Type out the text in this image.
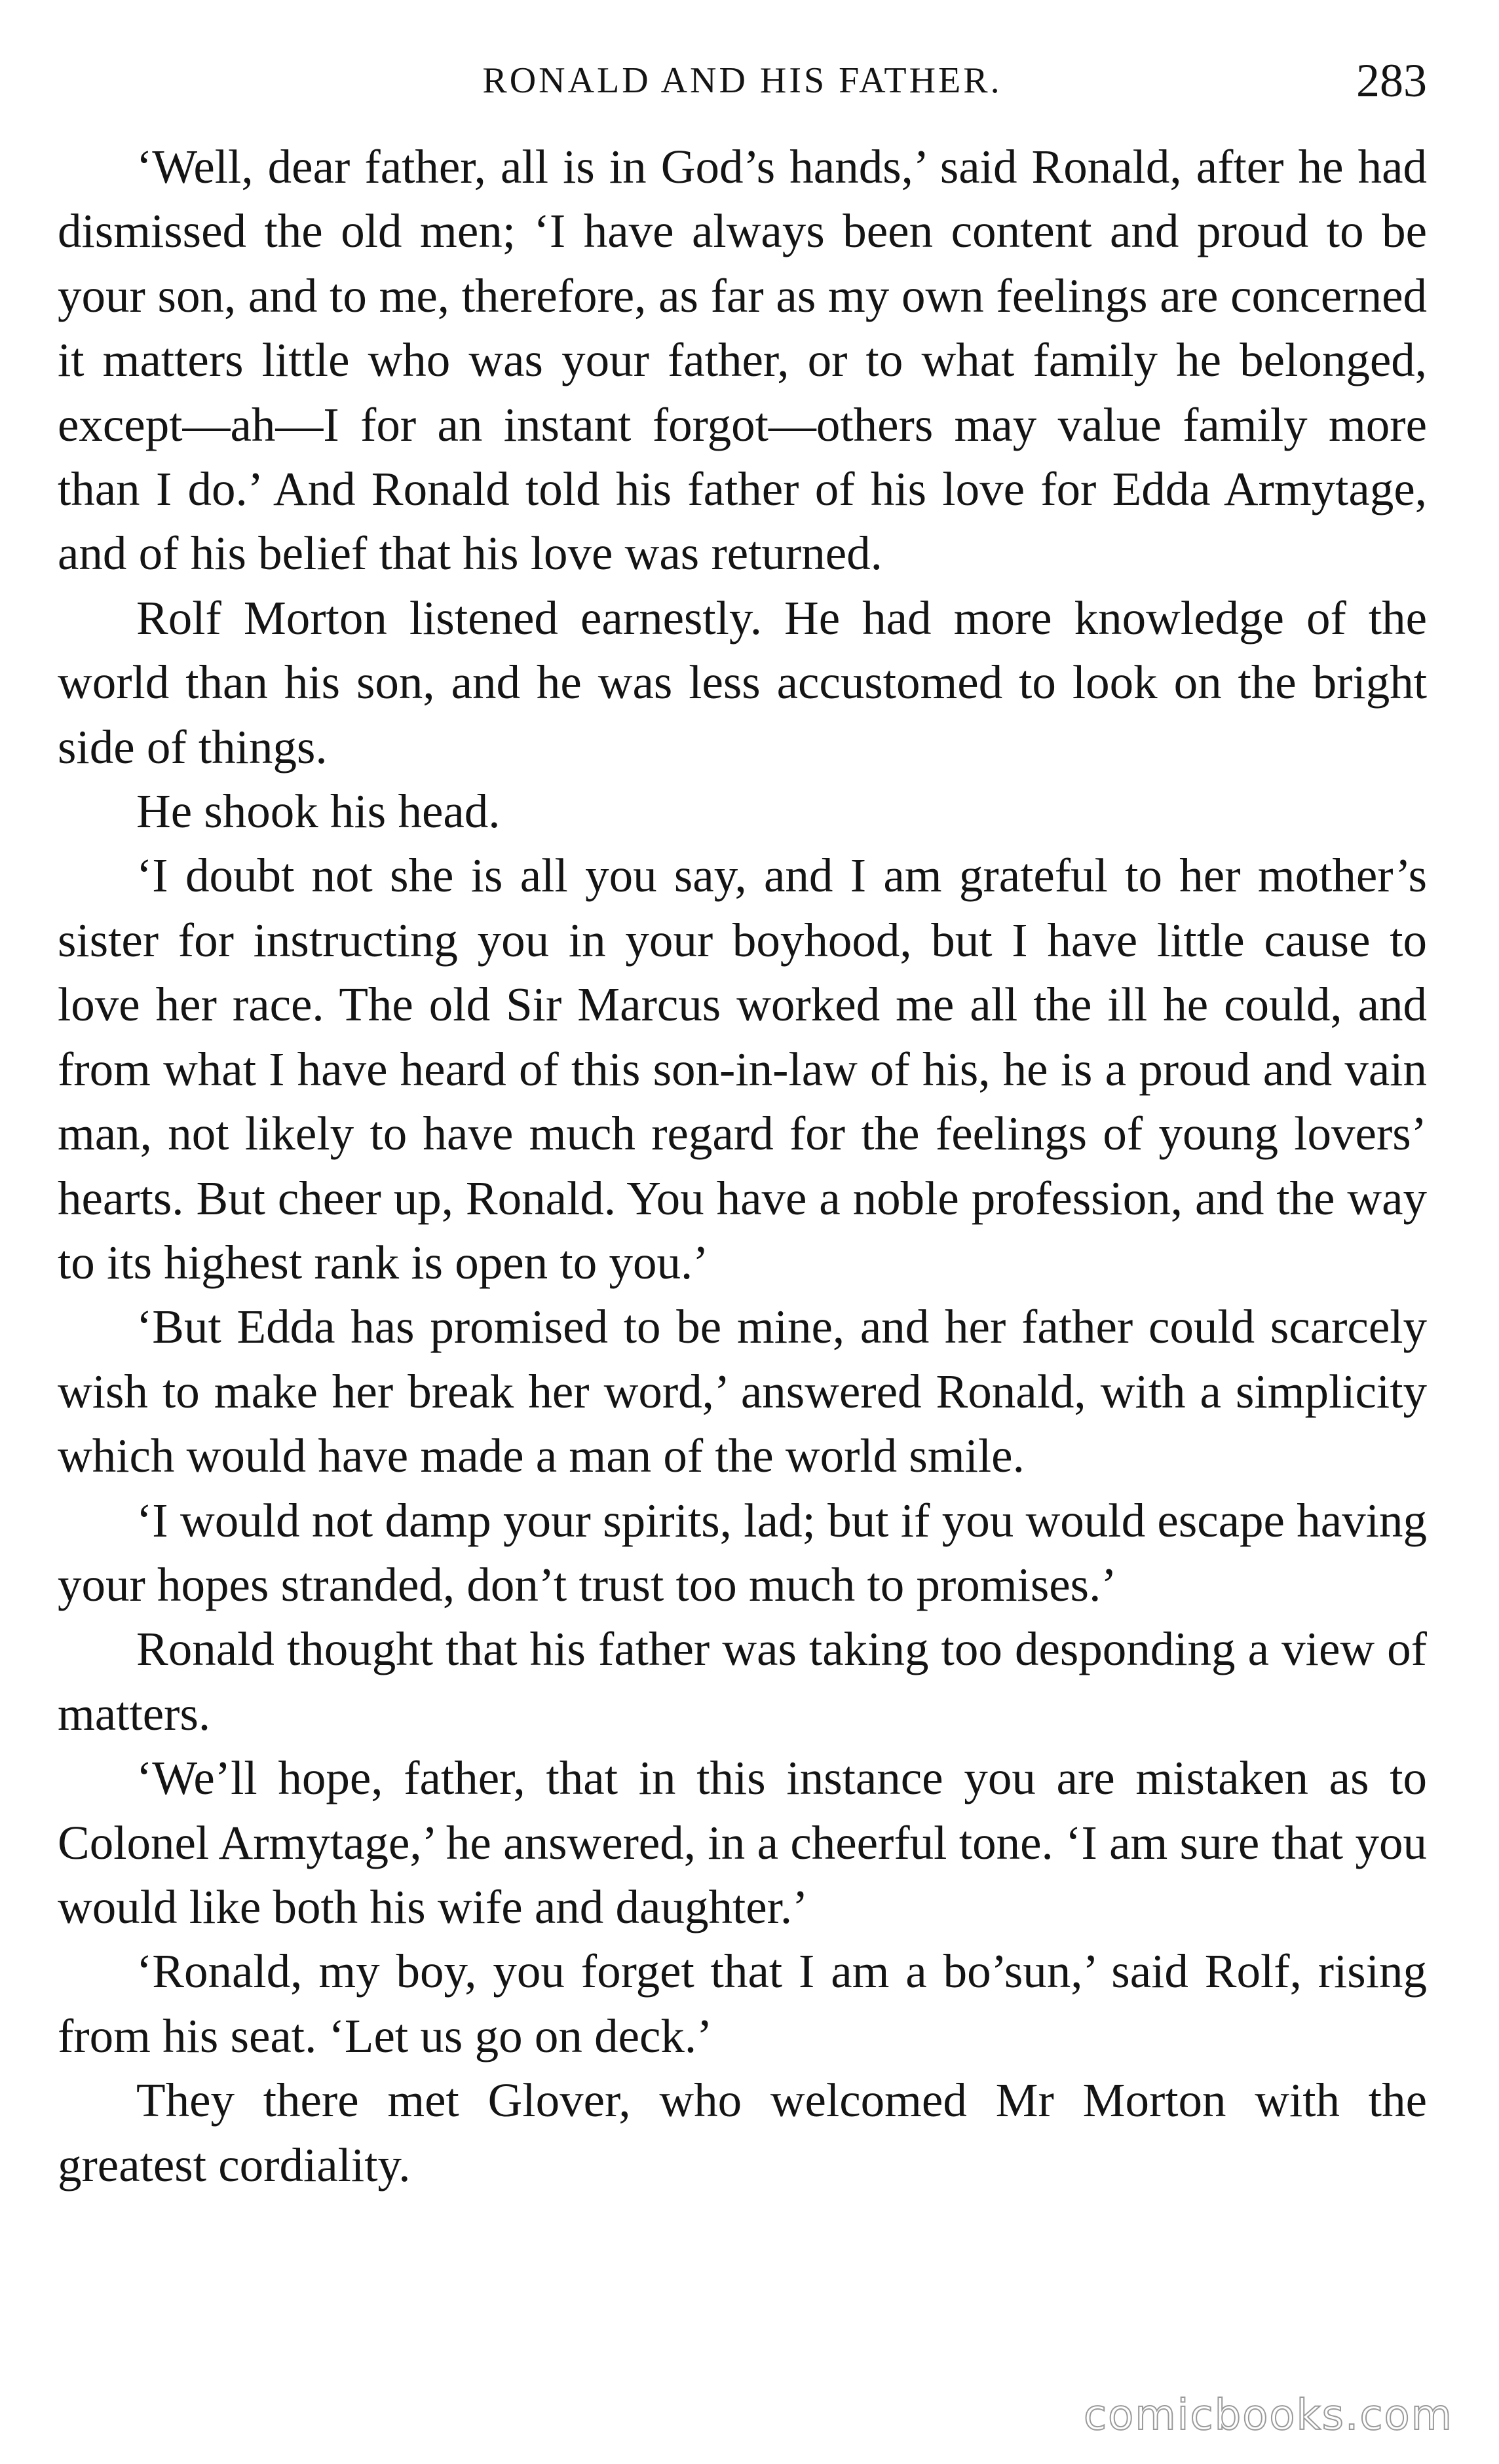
RONALD AND HIS FATHER.	283

‘Well, dear father, all is in God’s hands,’ said Ronald, after he had dismissed the old men; ‘I have always been content and proud to be your son, and to me, therefore, as far as my own feelings are concerned it matters little who was your father, or to what family he belonged, except—ah—I for an instant forgot—others may value family more than I do.’ And Ronald told his father of his love for Edda Armytage, and of his belief that his love was returned.

Rolf Morton listened earnestly. He had more knowledge of the world than his son, and he was less accustomed to look on the bright side of things.

He shook his head.

‘I doubt not she is all you say, and I am grateful to her mother’s sister for instructing you in your boyhood, but I have little cause to love her race. The old Sir Marcus worked me all the ill he could, and from what I have heard of this son-in-law of his, he is a proud and vain man, not likely to have much regard for the feelings of young lovers’ hearts. But cheer up, Ronald. You have a noble profession, and the way to its highest rank is open to you.’

‘But Edda has promised to be mine, and her father could scarcely wish to make her break her word,’ answered Ronald, with a simplicity which would have made a man of the world smile.

‘I would not damp your spirits, lad; but if you would escape having your hopes stranded, don’t trust too much to promises.’

Ronald thought that his father was taking too desponding a view of matters.

‘We’ll hope, father, that in this instance you are mistaken as to Colonel Armytage,’ he answered, in a cheerful tone. ‘I am sure that you would like both his wife and daughter.’

‘Ronald, my boy, you forget that I am a bo’sun,’ said Rolf, rising from his seat. ‘Let us go on deck.’

They there met Glover, who welcomed Mr Morton with the greatest cordiality.

comicbooks.com
